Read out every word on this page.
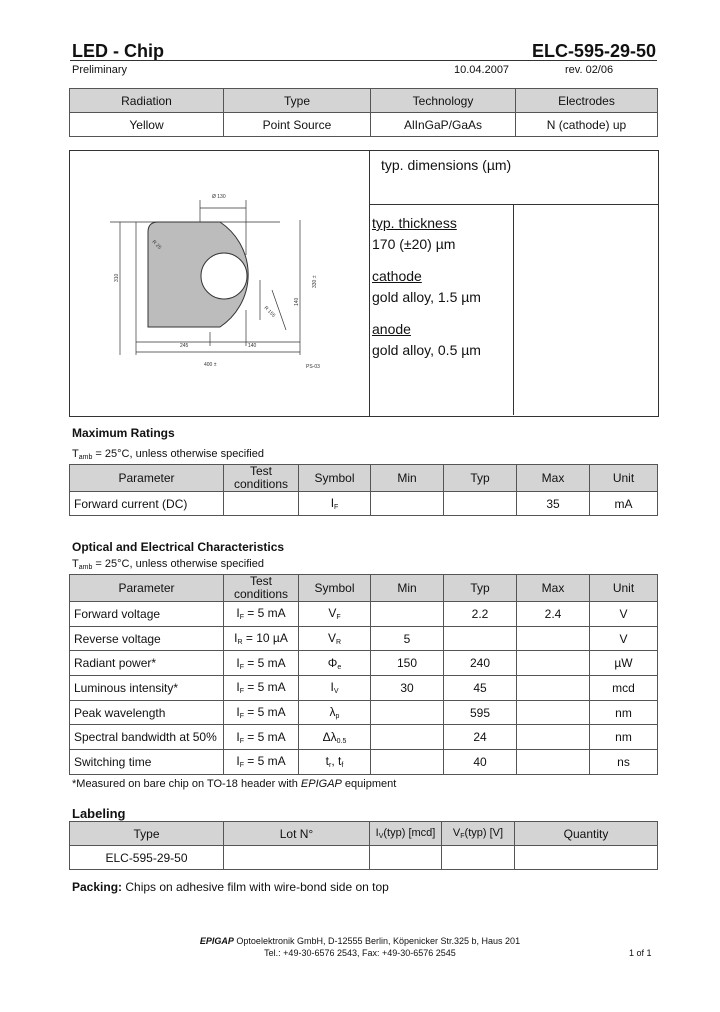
LED - Chip	ELC-595-29-50
Preliminary	10.04.2007	rev. 02/06
Radiation	Type	Technology	Electrodes
Yellow	Point Source	AlInGaP/GaAs	N (cathode) up
typ. dimensions (µm)
typ. thickness
170 (±20) µm
cathode
gold alloy, 1.5 µm
anode
gold alloy, 0.5 µm
Ø 130
R 25
310	330 ±
140
R 155
245	140
400 ±	PS-03
Maximum Ratings
$T_{amb} = 25^\circ C$, unless otherwise specified
Parameter	Test conditions	Symbol	Min	Typ	Max	Unit
Forward current (DC)		$I_F$			35	mA
Optical and Electrical Characteristics
$T_{amb} = 25^\circ C$, unless otherwise specified
Parameter	Test conditions	Symbol	Min	Typ	Max	Unit
Forward voltage	$I_F = 5$ mA	$V_F$		2.2	2.4	V
Reverse voltage	$I_R = 10$ µA	$V_R$	5			V
Radiant power*	$I_F = 5$ mA	$\Phi_e$	150	240		µW
Luminous intensity*	$I_F = 5$ mA	$I_V$	30	45		mcd
Peak wavelength	$I_F = 5$ mA	$\lambda_p$		595		nm
Spectral bandwidth at 50%	$I_F = 5$ mA	$\Delta\lambda_{0.5}$		24		nm
Switching time	$I_F = 5$ mA	$t_r$, $t_f$		40		ns
*Measured on bare chip on TO-18 header with EPIGAP equipment
Labeling
Type	Lot N°	$I_V(typ)$ [mcd]	$V_F(typ)$ [V]	Quantity
ELC-595-29-50				
Packing: Chips on adhesive film with wire-bond side on top
EPIGAP Optoelektronik GmbH, D-12555 Berlin, Köpenicker Str.325 b, Haus 201
Tel.: +49-30-6576 2543, Fax: +49-30-6576 2545	1 of 1
